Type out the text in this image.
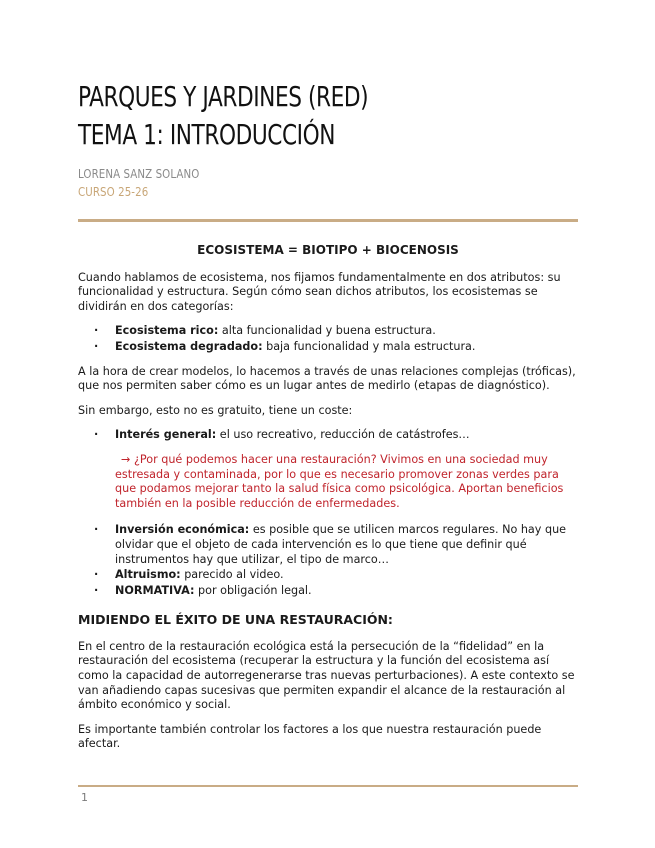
PARQUES Y JARDINES (RED)
TEMA 1: INTRODUCCIÓN
LORENA SANZ SOLANO
CURSO 25-26
ECOSISTEMA = BIOTIPO + BIOCENOSIS

Cuando hablamos de ecosistema, nos fijamos fundamentalmente en dos atributos: su funcionalidad y estructura. Según cómo sean dichos atributos, los ecosistemas se dividirán en dos categorías:

· Ecosistema rico: alta funcionalidad y buena estructura.
· Ecosistema degradado: baja funcionalidad y mala estructura.

A la hora de crear modelos, lo hacemos a través de unas relaciones complejas (tróficas), que nos permiten saber cómo es un lugar antes de medirlo (etapas de diagnóstico).

Sin embargo, esto no es gratuito, tiene un coste:

· Interés general: el uso recreativo, reducción de catástrofes…

→ ¿Por qué podemos hacer una restauración? Vivimos en una sociedad muy estresada y contaminada, por lo que es necesario promover zonas verdes para que podamos mejorar tanto la salud física como psicológica. Aportan beneficios también en la posible reducción de enfermedades.

· Inversión económica: es posible que se utilicen marcos regulares. No hay que olvidar que el objeto de cada intervención es lo que tiene que definir qué instrumentos hay que utilizar, el tipo de marco…
· Altruismo: parecido al video.
· NORMATIVA: por obligación legal.
MIDIENDO EL ÉXITO DE UNA RESTAURACIÓN:

En el centro de la restauración ecológica está la persecución de la “fidelidad” en la restauración del ecosistema (recuperar la estructura y la función del ecosistema así como la capacidad de autorregenerarse tras nuevas perturbaciones). A este contexto se van añadiendo capas sucesivas que permiten expandir el alcance de la restauración al ámbito económico y social.

Es importante también controlar los factores a los que nuestra restauración puede afectar.

1
